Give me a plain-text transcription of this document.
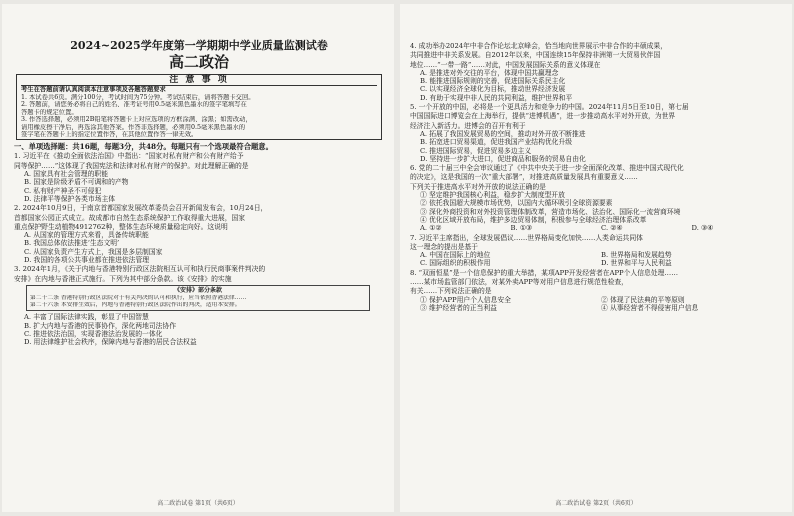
2024~2025学年度第一学期期中学业质量监测试卷
高二政治
注 意 事 项
考生在答题前请认真阅读本注意事项及各题答题要求
1. 本试卷共6页。满分100分，考试时间为75分钟。考试结束后，请将答题卡交回。
2. 答题前，请您务必将自己的姓名、准考证号用0.5毫米黑色墨水的签字笔填写在
答题卡的规定位置。
3. 作答选择题，必须用2B铅笔将答题卡上对应选项的方框涂满、涂黑；如需改动，
请用橡皮擦干净后，再选涂其他答案。作答非选择题，必须用0.5毫米黑色墨水的
签字笔在答题卡上的指定位置作答，在其他位置作答一律无效。
一、单项选择题：共16题，每题3分，共48分。每题只有一个选项最符合题意。
1. 习近平在《推动全面依法治国》中指出：“国家对私有财产和公有财产给予
同等保护……”这体现了我国宪法和法律对私有财产的保护。对此理解正确的是
A. 国家具有社会管理的职能
B. 国家是阶级矛盾不可调和的产物
C. 私有财产神圣不可侵犯
D. 法律平等保护各类市场主体
2. 2024年10月9日，于南京首都国家发展改革委员会召开新闻发布会，10月24日，
首都国家公园正式成立。故成都市自然生态系统保护工作取得重大进展，国家
重点保护野生动植物4912762种，整体生态环境质量稳定向好。这说明
A. 从国家的管理方式来看，具备传统职能
B. 我国总体依法推进‘生态文明’
C. 从国家负责产生方式上，我国是多层制国家
D. 我国的各项公共事业都在推进依法管理
3. 2024年1月，《关于内地与香港特别行政区法院相互认可和执行民商事案件判决的
安排》在内地与香港正式施行。下列为其中部分条款。该《安排》的实施
《安排》部分条款
第二十二条 香港特别行政区法院对于有关判决的认可和执行，应当依照香港法律……
第二十六条 本安排生效后，内地与香港特别行政区法院作出的判决，适用本安排。
A. 丰富了国际法律实践，彰显了中国智慧
B. 扩大内地与香港的民事协作，深化两地司法协作
C. 推进依法治国，实现香港法治发展的一体化
D. 用法律维护社会秩序，保障内地与香港的居民合法权益
高二政治试卷 第1页（共6页）
4. 成功举办2024年中非合作论坛北京峰会，恰当地向世界展示中非合作的丰硕成果，
共同推进中非关系发展。自2012年以来，中国连续15年保持非洲第一大贸易伙伴国
地位……“一带一路”……对此，中国发展国际关系的意义体现在
A. 是推进对外交往的平台，体现中国共赢理念
B. 能推进国际规则的完善，促进国际关系民主化
C. 以实现经济全球化为目标，推动世界经济发展
D. 有助于实现中非人民的共同利益，维护世界和平
5. 一个开放的中国，必将是一个更具活力和竞争力的中国。2024年11月5日至10日，第七届
中国国际进口博览会在上海举行，提供“进博机遇”，进一步推动高水平对外开放，为世界
经济注入新活力。进博会的召开有利于
A. 拓展了我国发展贸易的空间，推动对外开放不断推进
B. 拓宽进口贸易渠道，促进我国产业结构优化升级
C. 推进国际贸易，促进贸易多边主义
D. 坚持进一步扩大进口，促进商品和服务的贸易自由化
6. 党的二十届三中全会审议通过了《中共中央关于进一步全面深化改革、推进中国式现代化
的决定》，这是我国的一次“重大部署”，对推进高质量发展具有重要意义……
下列关于推进高水平对外开放的说法正确的是
① 坚定维护我国核心利益，稳步扩大制度型开放
② 依托我国超大规模市场优势，以国内大循环吸引全球资源要素
③ 深化外商投资和对外投资管理体制改革，营造市场化、法治化、国际化一流营商环境
④ 优化区域开放布局，维护多边贸易体制，积极参与全球经济治理体系改革
A. ①②	B. ①③	C. ②④	D. ③④
7. 习近平主席指出，全球发展倡议……世界格局变化加快……人类命运共同体
这一理念的提出是基于
A. 中国在国际上的地位	B. 世界格局和发展趋势
C. 国际组织的积极作用	D. 世界和平与人民利益
8. “双面恒星”是一个信息保护的重大举措，某项APP开发经营者在APP个人信息处理……
……某市场监管部门依法，对某外卖APP等对用户信息进行规范性检查，
有关……下列说法正确的是
① 保护APP用户个人信息安全	② 体现了民法典的平等原则
③ 维护经营者的正当利益	④ 从事经营者不得侵害用户信息
高二政治试卷 第2页（共6页）
